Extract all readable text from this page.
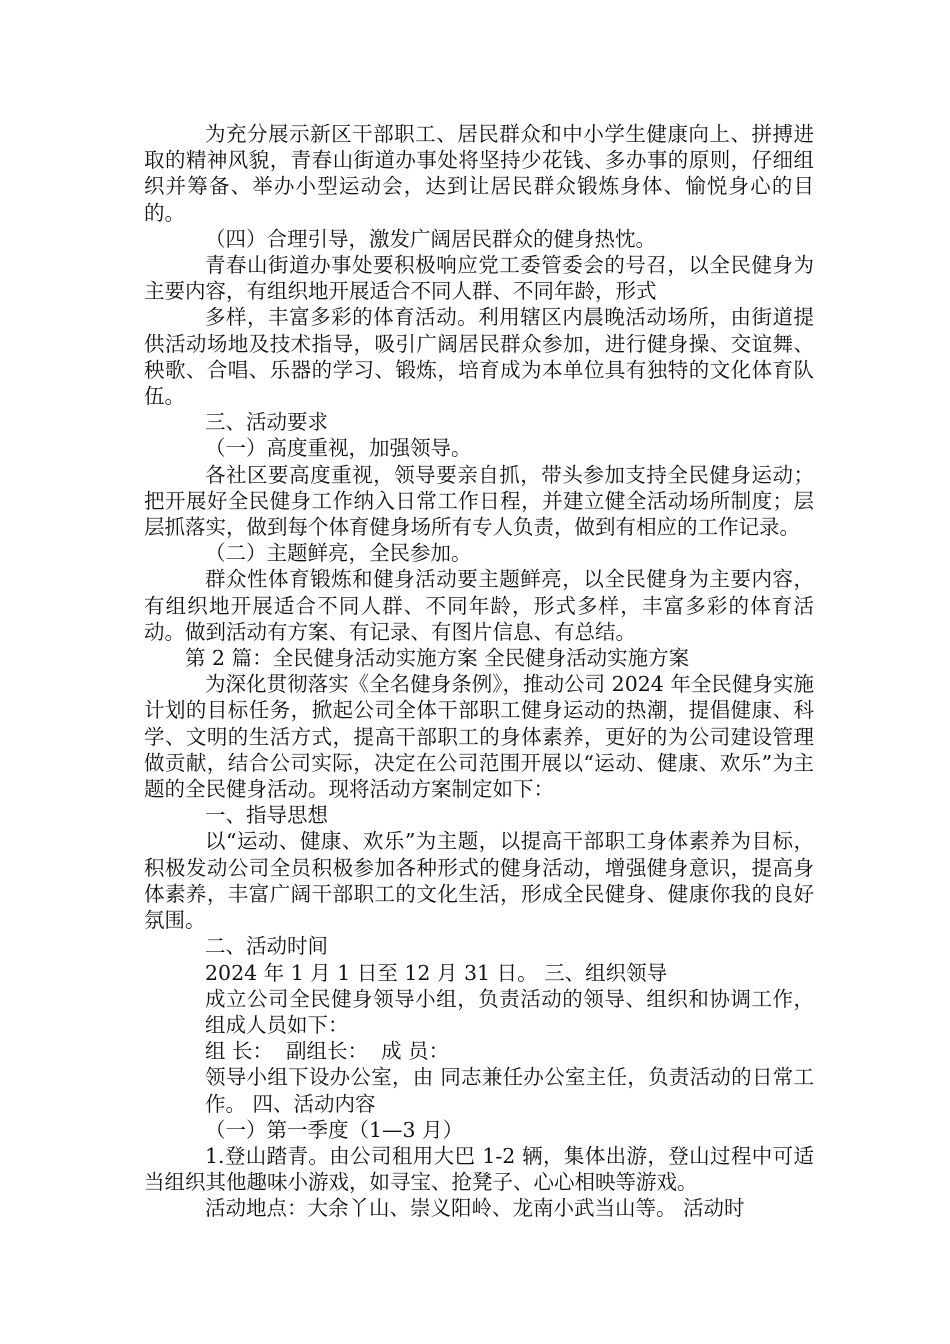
为充分展示新区干部职工、居民群众和中小学生健康向上、拼搏进取的精神风貌，青春山街道办事处将坚持少花钱、多办事的原则，仔细组织并筹备、举办小型运动会，达到让居民群众锻炼身体、愉悦身心的目的。

（四）合理引导，激发广阔居民群众的健身热忱。

青春山街道办事处要积极响应党工委管委会的号召，以全民健身为主要内容，有组织地开展适合不同人群、不同年龄，形式

多样，丰富多彩的体育活动。利用辖区内晨晚活动场所，由街道提供活动场地及技术指导，吸引广阔居民群众参加，进行健身操、交谊舞、秧歌、合唱、乐器的学习、锻炼，培育成为本单位具有独特的文化体育队伍。

三、活动要求

（一）高度重视，加强领导。

各社区要高度重视，领导要亲自抓，带头参加支持全民健身运动；把开展好全民健身工作纳入日常工作日程，并建立健全活动场所制度；层层抓落实，做到每个体育健身场所有专人负责，做到有相应的工作记录。

（二）主题鲜亮，全民参加。

群众性体育锻炼和健身活动要主题鲜亮，以全民健身为主要内容，有组织地开展适合不同人群、不同年龄，形式多样，丰富多彩的体育活动。做到活动有方案、有记录、有图片信息、有总结。

第 2 篇：全民健身活动实施方案 全民健身活动实施方案

为深化贯彻落实《全名健身条例》，推动公司 2024 年全民健身实施计划的目标任务，掀起公司全体干部职工健身运动的热潮，提倡健康、科学、文明的生活方式，提高干部职工的身体素养，更好的为公司建设管理做贡献，结合公司实际，决定在公司范围开展以“运动、健康、欢乐”为主题的全民健身活动。现将活动方案制定如下：

一、指导思想

以“运动、健康、欢乐”为主题，以提高干部职工身体素养为目标，积极发动公司全员积极参加各种形式的健身活动，增强健身意识，提高身体素养，丰富广阔干部职工的文化生活，形成全民健身、健康你我的良好氛围。

二、活动时间

2024 年 1 月 1 日至 12 月 31 日。 三、组织领导

成立公司全民健身领导小组，负责活动的领导、组织和协调工作，组成人员如下：

组 长：  副组长：  成 员：

领导小组下设办公室，由 同志兼任办公室主任，负责活动的日常工作。 四、活动内容

（一）第一季度（1—3 月）

1.登山踏青。由公司租用大巴 1-2 辆，集体出游，登山过程中可适当组织其他趣味小游戏，如寻宝、抢凳子、心心相映等游戏。

活动地点：大余丫山、崇义阳岭、龙南小武当山等。 活动时
